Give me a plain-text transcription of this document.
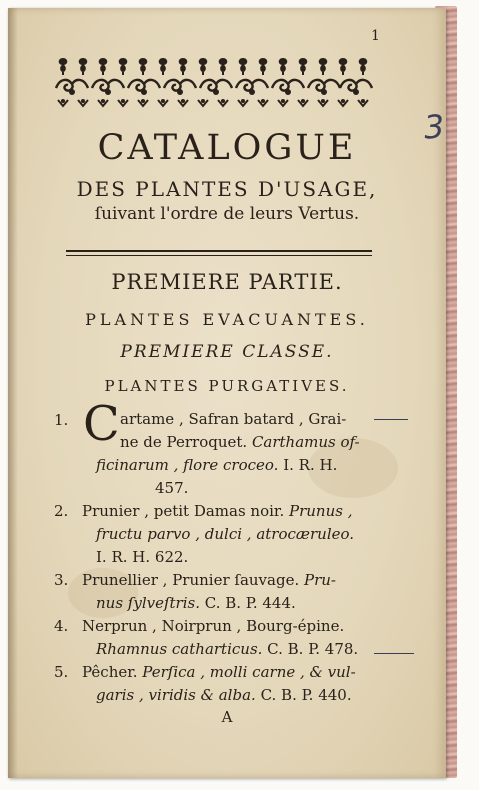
1
3
CATALOGUE
DES PLANTES D'USAGE,
ſuivant l'ordre de leurs Vertus.
PREMIERE PARTIE.
PLANTES EVACUANTES.
PREMIERE CLASSE.
PLANTES PURGATIVES.
1. C artame , Safran batard , Grai-
ne de Perroquet. Carthamus of-
ficinarum , flore croceo. I. R. H.
457.
2. Prunier , petit Damas noir. Prunus ,
fructu parvo , dulci , atrocæruleo.
I. R. H. 622.
3. Prunellier , Prunier ſauvage. Pru-
nus ſylveſtris. C. B. P. 444.
4. Nerprun , Noirprun , Bourg-épine.
Rhamnus catharticus. C. B. P. 478.
5. Pêcher. Perſica , molli carne , & vul-
garis , viridis & alba. C. B. P. 440.
A
